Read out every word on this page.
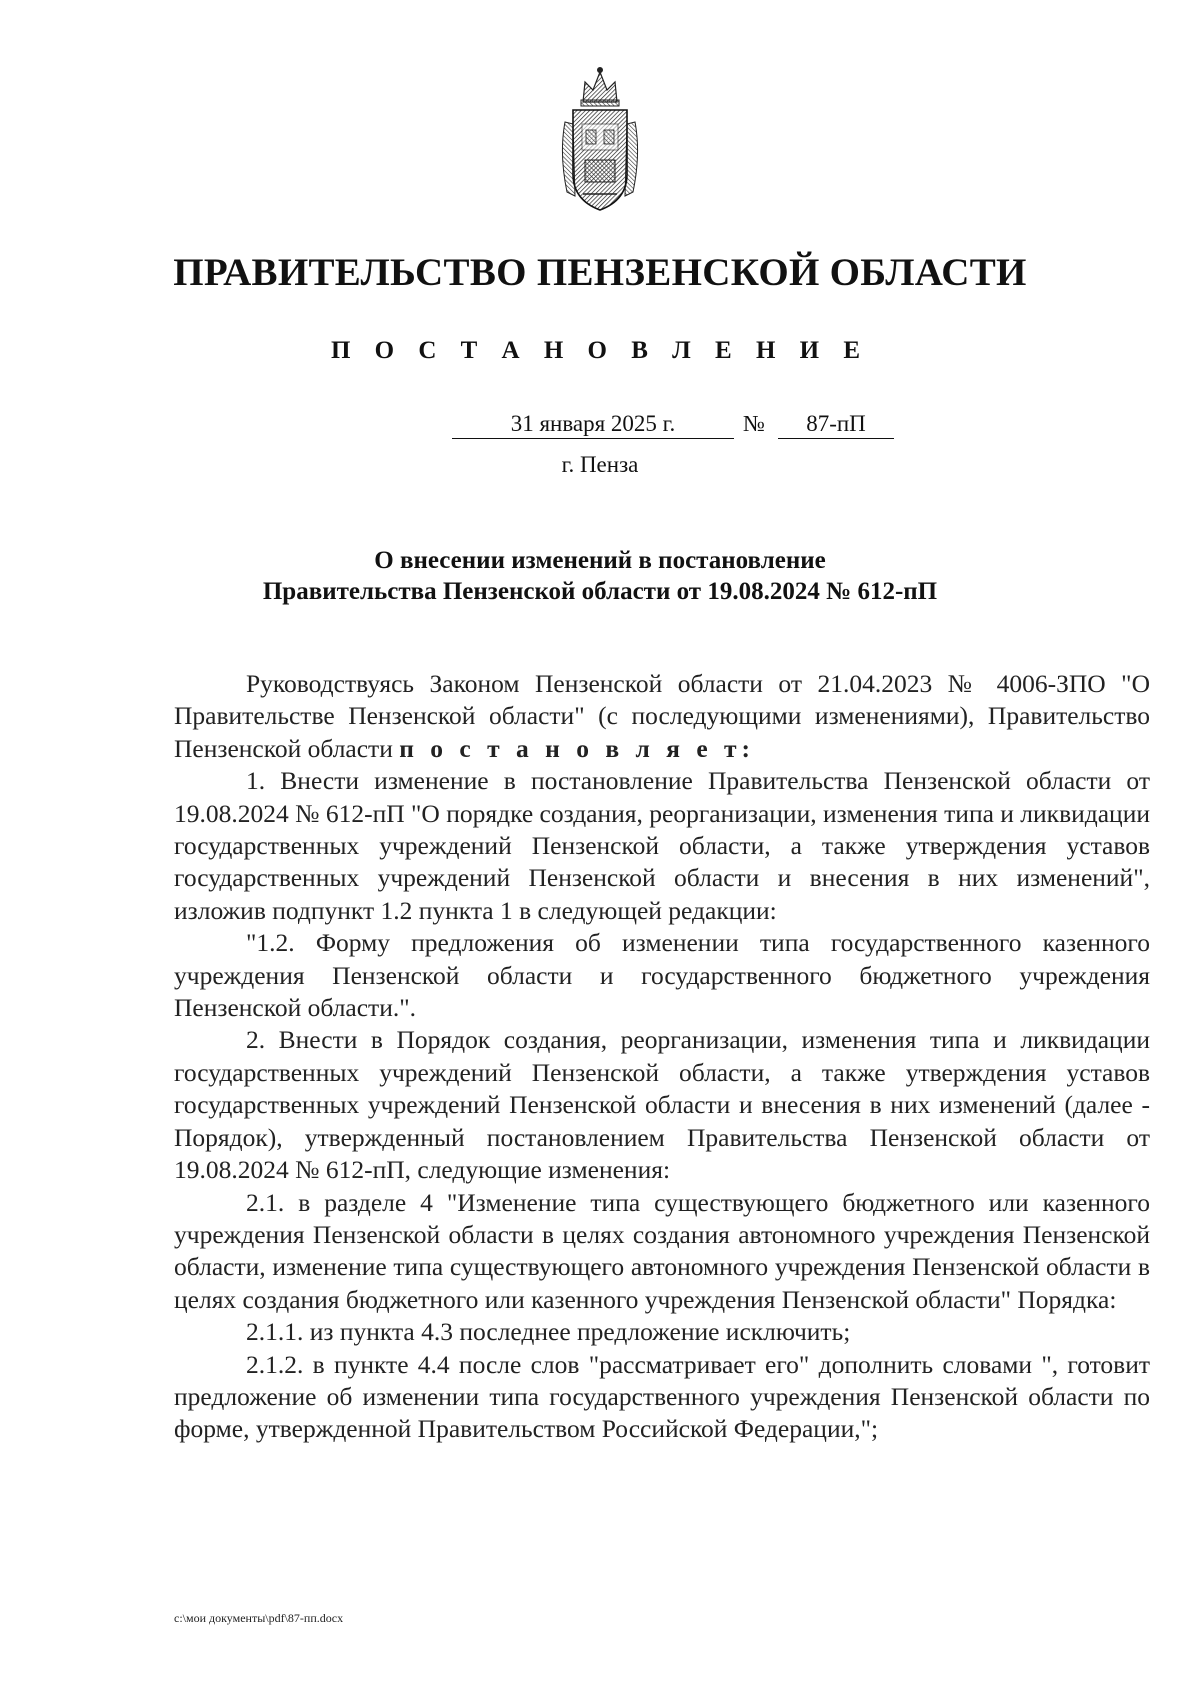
ПРАВИТЕЛЬСТВО ПЕНЗЕНСКОЙ ОБЛАСТИ
П О С Т А Н О В Л Е Н И Е
31 января 2025 г.	№	87-пП
г. Пенза
О внесении изменений в постановление
Правительства Пензенской области от 19.08.2024 № 612-пП

Руководствуясь Законом Пензенской области от 21.04.2023 № 4006-ЗПО "О Правительстве Пензенской области" (с последующими изменениями), Правительство Пензенской области п о с т а н о в л я е т:

1. Внести изменение в постановление Правительства Пензенской области от 19.08.2024 № 612-пП "О порядке создания, реорганизации, изменения типа и ликвидации государственных учреждений Пензенской области, а также утверждения уставов государственных учреждений Пензенской области и внесения в них изменений", изложив подпункт 1.2 пункта 1 в следующей редакции:

"1.2. Форму предложения об изменении типа государственного казенного учреждения Пензенской области и государственного бюджетного учреждения Пензенской области.".

2. Внести в Порядок создания, реорганизации, изменения типа и ликвидации государственных учреждений Пензенской области, а также утверждения уставов государственных учреждений Пензенской области и внесения в них изменений (далее - Порядок), утвержденный постановлением Правительства Пензенской области от 19.08.2024 № 612-пП, следующие изменения:

2.1. в разделе 4 "Изменение типа существующего бюджетного или казенного учреждения Пензенской области в целях создания автономного учреждения Пензенской области, изменение типа существующего автономного учреждения Пензенской области в целях создания бюджетного или казенного учреждения Пензенской области" Порядка:

2.1.1. из пункта 4.3 последнее предложение исключить;

2.1.2. в пункте 4.4 после слов "рассматривает его" дополнить словами ", готовит предложение об изменении типа государственного учреждения Пензенской области по форме, утвержденной Правительством Российской Федерации,";

c:\мои документы\pdf\87-пп.docx
